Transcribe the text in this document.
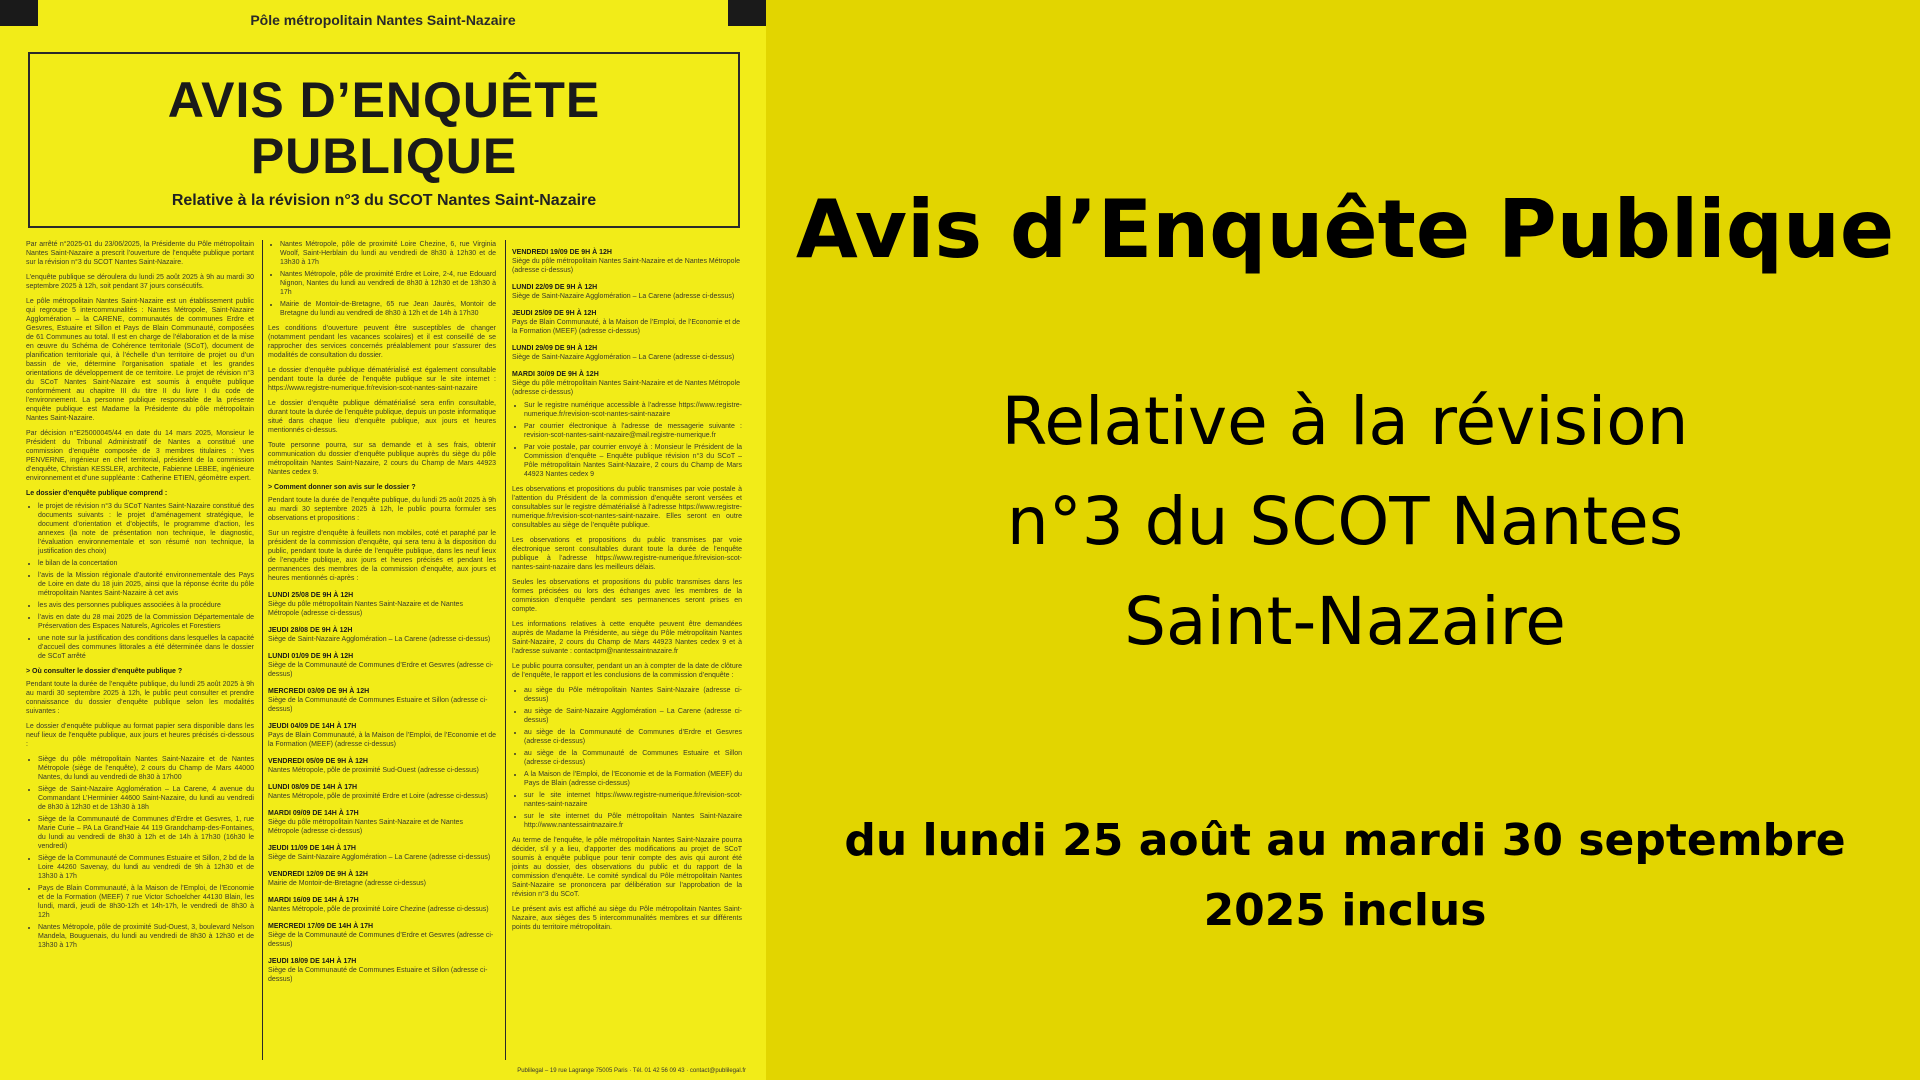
Pôle métropolitain Nantes Saint-Nazaire
AVIS D’ENQUÊTE
PUBLIQUE
Relative à la révision n°3 du SCOT Nantes Saint-Nazaire

Par arrêté n°2025-01 du 23/06/2025, la Présidente du Pôle métropolitain Nantes Saint-Nazaire a prescrit l’ouverture de l’enquête publique portant sur la révision n°3 du SCOT Nantes Saint-Nazaire.

L’enquête publique se déroulera du lundi 25 août 2025 à 9h au mardi 30 septembre 2025 à 12h, soit pendant 37 jours consécutifs.

Le pôle métropolitain Nantes Saint-Nazaire est un établissement public qui regroupe 5 intercommunalités : Nantes Métropole, Saint-Nazaire Agglomération – la CARENE, communautés de communes Erdre et Gesvres, Estuaire et Sillon et Pays de Blain Communauté, composées de 61 Communes au total. Il est en charge de l’élaboration et de la mise en œuvre du Schéma de Cohérence territoriale (SCoT), document de planification territoriale qui, à l’échelle d’un territoire de projet ou d’un bassin de vie, détermine l’organisation spatiale et les grandes orientations de développement de ce territoire. Le projet de révision n°3 du SCoT Nantes Saint-Nazaire est soumis à enquête publique conformément au chapitre III du titre II du livre I du code de l’environnement. La personne publique responsable de la présente enquête publique est Madame la Présidente du pôle métropolitain Nantes Saint-Nazaire.

Par décision n°E25000045/44 en date du 14 mars 2025, Monsieur le Président du Tribunal Administratif de Nantes a constitué une commission d’enquête composée de 3 membres titulaires : Yves PENVERNE, ingénieur en chef territorial, président de la commission d’enquête, Christian KESSLER, architecte, Fabienne LEBEE, ingénieure environnement et d’une suppléante : Catherine ETIEN, géomètre expert.

Le dossier d’enquête publique comprend :
• le projet de révision n°3 du SCoT Nantes Saint-Nazaire constitué des documents suivants : le projet d’aménagement stratégique, le document d’orientation et d’objectifs, le programme d’action, les annexes (la note de présentation non technique, le diagnostic, l’évaluation environnementale et son résumé non technique, la justification des choix)
• le bilan de la concertation
• l’avis de la Mission régionale d’autorité environnementale des Pays de Loire en date du 18 juin 2025, ainsi que la réponse écrite du pôle métropolitain Nantes Saint-Nazaire à cet avis
• les avis des personnes publiques associées à la procédure
• l’avis en date du 28 mai 2025 de la Commission Départementale de Préservation des Espaces Naturels, Agricoles et Forestiers
• une note sur la justification des conditions dans lesquelles la capacité d’accueil des communes littorales a été déterminée dans le dossier de SCoT arrêté
> Où consulter le dossier d’enquête publique ?

Pendant toute la durée de l’enquête publique, du lundi 25 août 2025 à 9h au mardi 30 septembre 2025 à 12h, le public peut consulter et prendre connaissance du dossier d’enquête publique selon les modalités suivantes :

Le dossier d’enquête publique au format papier sera disponible dans les neuf lieux de l’enquête publique, aux jours et heures précisés ci-dessous :

• Siège du pôle métropolitain Nantes Saint-Nazaire et de Nantes Métropole (siège de l’enquête), 2 cours du Champ de Mars 44000 Nantes, du lundi au vendredi de 8h30 à 17h00
• Siège de Saint-Nazaire Agglomération – La Carene, 4 avenue du Commandant L’Herminier 44600 Saint-Nazaire, du lundi au vendredi de 8h30 à 12h30 et de 13h30 à 18h
• Siège de la Communauté de Communes d’Erdre et Gesvres, 1, rue Marie Curie – PA La Grand’Haie 44 119 Grandchamp-des-Fontaines, du lundi au vendredi de 8h30 à 12h et de 14h à 17h30 (16h30 le vendredi)
• Siège de la Communauté de Communes Estuaire et Sillon, 2 bd de la Loire 44260 Savenay, du lundi au vendredi de 9h à 12h30 et de 13h30 à 17h
• Pays de Blain Communauté, à la Maison de l’Emploi, de l’Economie et de la Formation (MEEF) 7 rue Victor Schoelcher 44130 Blain, les lundi, mardi, jeudi de 8h30-12h et 14h-17h, le vendredi de 8h30 à 12h
• Nantes Métropole, pôle de proximité Sud-Ouest, 3, boulevard Nelson Mandela, Bouguenais, du lundi au vendredi de 8h30 à 12h30 et de 13h30 à 17h
• Nantes Métropole, pôle de proximité Loire Chezine, 6, rue Virginia Woolf, Saint-Herblain du lundi au vendredi de 8h30 à 12h30 et de 13h30 à 17h
• Nantes Métropole, pôle de proximité Erdre et Loire, 2-4, rue Edouard Nignon, Nantes du lundi au vendredi de 8h30 à 12h30 et de 13h30 à 17h
• Mairie de Montoir-de-Bretagne, 65 rue Jean Jaurès, Montoir de Bretagne du lundi au vendredi de 8h30 à 12h et de 14h à 17h30

Les conditions d’ouverture peuvent être susceptibles de changer (notamment pendant les vacances scolaires) et il est conseillé de se rapprocher des services concernés préalablement pour s’assurer des modalités de consultation du dossier.

Le dossier d’enquête publique dématérialisé est également consultable pendant toute la durée de l’enquête publique sur le site internet : https://www.registre-numerique.fr/revision-scot-nantes-saint-nazaire

Le dossier d’enquête publique dématérialisé sera enfin consultable, durant toute la durée de l’enquête publique, depuis un poste informatique situé dans chaque lieu d’enquête publique, aux jours et heures mentionnés ci-dessus.

Toute personne pourra, sur sa demande et à ses frais, obtenir communication du dossier d’enquête publique auprès du siège du pôle métropolitain Nantes Saint-Nazaire, 2 cours du Champ de Mars 44923 Nantes cedex 9.

> Comment donner son avis sur le dossier ?

Pendant toute la durée de l’enquête publique, du lundi 25 août 2025 à 9h au mardi 30 septembre 2025 à 12h, le public pourra formuler ses observations et propositions :

Sur un registre d’enquête à feuillets non mobiles, coté et paraphé par le président de la commission d’enquête, qui sera tenu à la disposition du public, pendant toute la durée de l’enquête publique, dans les neuf lieux de l’enquête publique, aux jours et heures précisés et pendant les permanences des membres de la commission d’enquête, aux jours et heures mentionnés ci-après :

LUNDI 25/08 DE 9H À 12H
Siège du pôle métropolitain Nantes Saint-Nazaire et de Nantes Métropole (adresse ci-dessus)
JEUDI 28/08 DE 9H À 12H
Siège de Saint-Nazaire Agglomération – La Carene (adresse ci-dessus)
LUNDI 01/09 DE 9H À 12H
Siège de la Communauté de Communes d’Erdre et Gesvres (adresse ci-dessus)
MERCREDI 03/09 DE 9H À 12H
Siège de la Communauté de Communes Estuaire et Sillon (adresse ci-dessus)
JEUDI 04/09 DE 14H À 17H
Pays de Blain Communauté, à la Maison de l’Emploi, de l’Economie et de la Formation (MEEF) (adresse ci-dessus)
VENDREDI 05/09 DE 9H À 12H
Nantes Métropole, pôle de proximité Sud-Ouest (adresse ci-dessus)
LUNDI 08/09 DE 14H À 17H
Nantes Métropole, pôle de proximité Erdre et Loire (adresse ci-dessus)
MARDI 09/09 DE 14H À 17H
Siège du pôle métropolitain Nantes Saint-Nazaire et de Nantes Métropole (adresse ci-dessus)
JEUDI 11/09 DE 14H À 17H
Siège de Saint-Nazaire Agglomération – La Carene (adresse ci-dessus)
VENDREDI 12/09 DE 9H À 12H
Mairie de Montoir-de-Bretagne (adresse ci-dessus)
MARDI 16/09 DE 14H À 17H
Nantes Métropole, pôle de proximité Loire Chezine (adresse ci-dessus)
MERCREDI 17/09 DE 14H À 17H
Siège de la Communauté de Communes d’Erdre et Gesvres (adresse ci-dessus)
JEUDI 18/09 DE 14H À 17H
Siège de la Communauté de Communes Estuaire et Sillon (adresse ci-dessus)
VENDREDI 19/09 DE 9H À 12H
Siège du pôle métropolitain Nantes Saint-Nazaire et de Nantes Métropole (adresse ci-dessus)
LUNDI 22/09 DE 9H À 12H
Siège de Saint-Nazaire Agglomération – La Carene (adresse ci-dessus)
JEUDI 25/09 DE 9H À 12H
Pays de Blain Communauté, à la Maison de l’Emploi, de l’Economie et de la Formation (MEEF) (adresse ci-dessus)
LUNDI 29/09 DE 9H À 12H
Siège de Saint-Nazaire Agglomération – La Carene (adresse ci-dessus)
MARDI 30/09 DE 9H À 12H
Siège du pôle métropolitain Nantes Saint-Nazaire et de Nantes Métropole (adresse ci-dessus)
• Sur le registre numérique accessible à l’adresse https://www.registre-numerique.fr/revision-scot-nantes-saint-nazaire
• Par courrier électronique à l’adresse de messagerie suivante : revision-scot-nantes-saint-nazaire@mail.registre-numerique.fr
• Par voie postale, par courrier envoyé à : Monsieur le Président de la Commission d’enquête – Enquête publique révision n°3 du SCoT – Pôle métropolitain Nantes Saint-Nazaire, 2 cours du Champ de Mars 44923 Nantes cedex 9

Les observations et propositions du public transmises par voie postale à l’attention du Président de la commission d’enquête seront versées et consultables sur le registre dématérialisé à l’adresse https://www.registre-numerique.fr/revision-scot-nantes-saint-nazaire. Elles seront en outre consultables au siège de l’enquête publique.

Les observations et propositions du public transmises par voie électronique seront consultables durant toute la durée de l’enquête publique à l’adresse https://www.registre-numerique.fr/revision-scot-nantes-saint-nazaire dans les meilleurs délais.

Seules les observations et propositions du public transmises dans les formes précisées ou lors des échanges avec les membres de la commission d’enquête pendant ses permanences seront prises en compte.

Les informations relatives à cette enquête peuvent être demandées auprès de Madame la Présidente, au siège du Pôle métropolitain Nantes Saint-Nazaire, 2 cours du Champ de Mars 44923 Nantes cedex 9 et à l’adresse suivante : contactpm@nantessaintnazaire.fr

Le public pourra consulter, pendant un an à compter de la date de clôture de l’enquête, le rapport et les conclusions de la commission d’enquête :

• au siège du Pôle métropolitain Nantes Saint-Nazaire (adresse ci-dessus)
• au siège de Saint-Nazaire Agglomération – La Carene (adresse ci-dessus)
• au siège de la Communauté de Communes d’Erdre et Gesvres (adresse ci-dessus)
• au siège de la Communauté de Communes Estuaire et Sillon (adresse ci-dessus)
• A la Maison de l’Emploi, de l’Economie et de la Formation (MEEF) du Pays de Blain (adresse ci-dessus)
• sur le site internet https://www.registre-numerique.fr/revision-scot-nantes-saint-nazaire
• sur le site internet du Pôle métropolitain Nantes Saint-Nazaire http://www.nantessaintnazaire.fr

Au terme de l’enquête, le pôle métropolitain Nantes Saint-Nazaire pourra décider, s’il y a lieu, d’apporter des modifications au projet de SCoT soumis à enquête publique pour tenir compte des avis qui auront été joints au dossier, des observations du public et du rapport de la commission d’enquête. Le comité syndical du Pôle métropolitain Nantes Saint-Nazaire se prononcera par délibération sur l’approbation de la révision n°3 du SCoT.

Le présent avis est affiché au siège du Pôle métropolitain Nantes Saint-Nazaire, aux sièges des 5 intercommunalités membres et sur différents points du territoire métropolitain.

Publilegal – 19 rue Lagrange 75005 Paris · Tél. 01 42 56 09 43 · contact@publilegal.fr
Avis d’Enquête Publique
Relative à la révision n°3 du SCOT Nantes Saint-Nazaire
du lundi 25 août au mardi 30 septembre 2025 inclus
